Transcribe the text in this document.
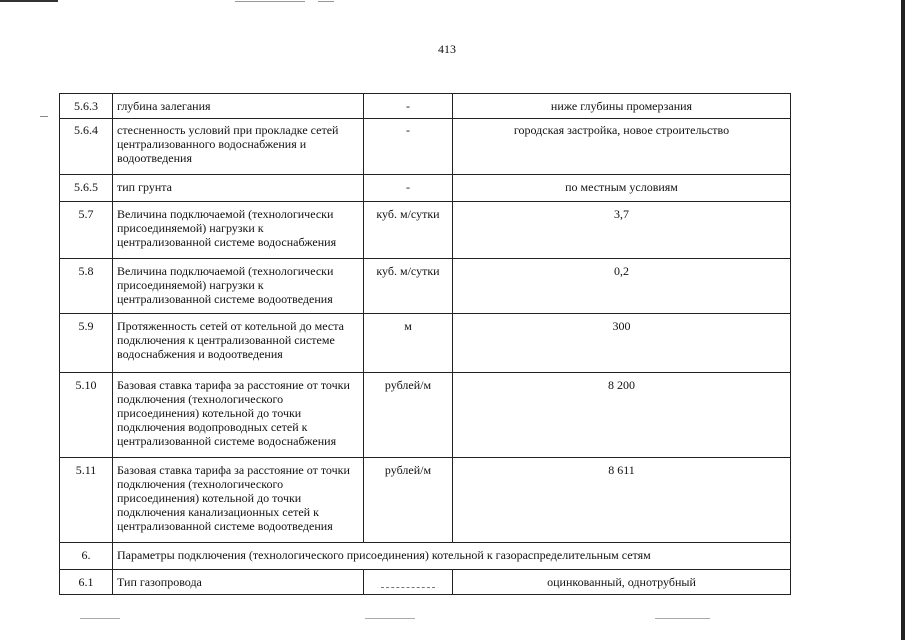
413
5.6.3	глубина залегания	-	ниже глубины промерзания
5.6.4	стесненность условий при прокладке сетей централизованного водоснабжения и водоотведения	-	городская застройка, новое строительство
5.6.5	тип грунта	-	по местным условиям
5.7	Величина подключаемой (технологически присоединяемой) нагрузки к централизованной системе водоснабжения	куб. м/сутки	3,7
5.8	Величина подключаемой (технологически присоединяемой) нагрузки к централизованной системе водоотведения	куб. м/сутки	0,2
5.9	Протяженность сетей от котельной до места подключения к централизованной системе водоснабжения и водоотведения	м	300
5.10	Базовая ставка тарифа за расстояние от точки подключения (технологического присоединения) котельной до точки подключения водопроводных сетей к централизованной системе водоснабжения	рублей/м	8 200
5.11	Базовая ставка тарифа за расстояние от точки подключения (технологического присоединения) котельной до точки подключения канализационных сетей к централизованной системе водоотведения	рублей/м	8 611
6.	Параметры подключения (технологического присоединения) котельной к газораспределительным сетям		
6.1	Тип газопровода		оцинкованный, однотрубный
